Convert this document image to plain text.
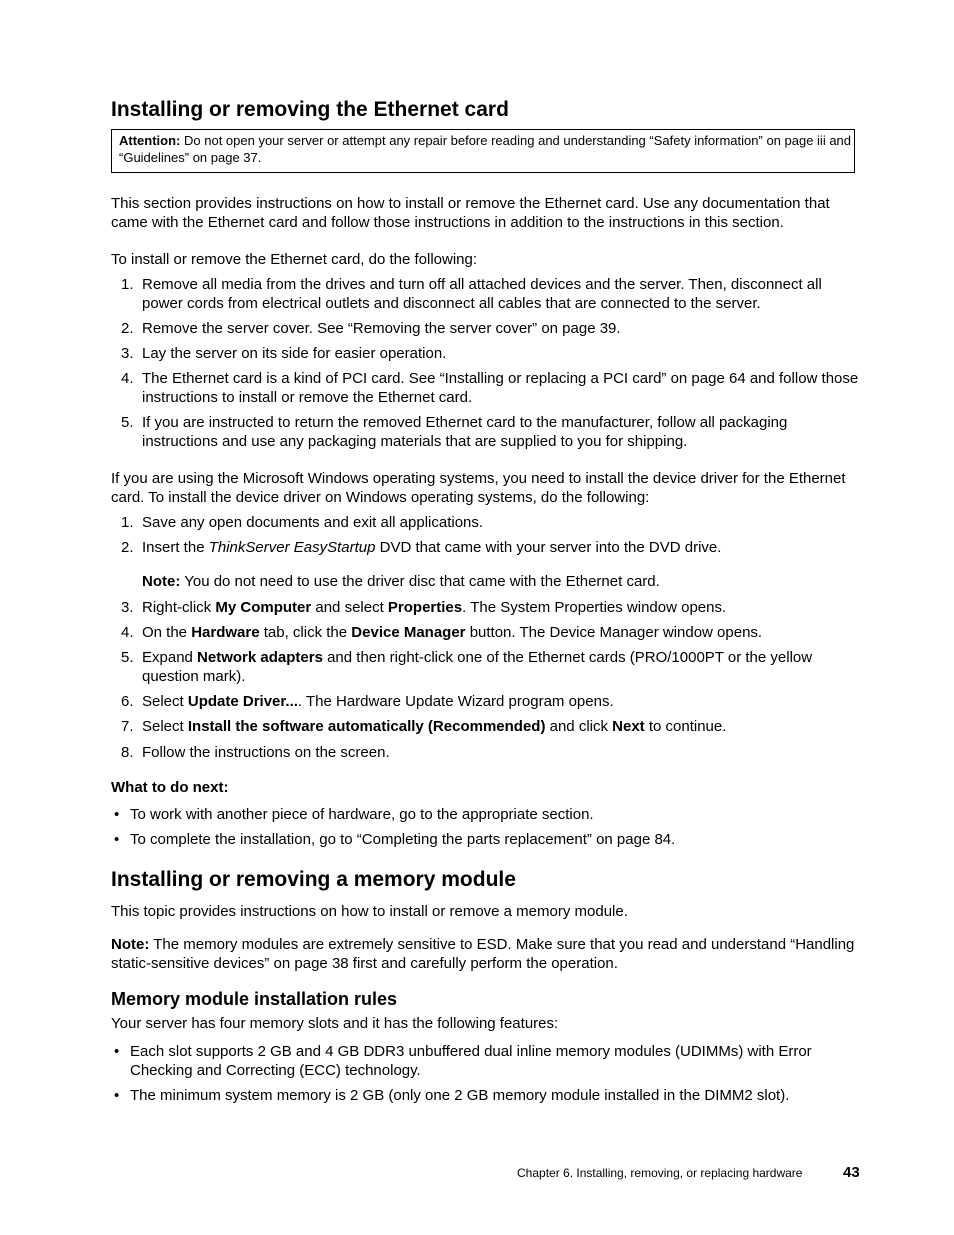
Installing or removing the Ethernet card
Attention: Do not open your server or attempt any repair before reading and understanding “Safety information” on page iii and “Guidelines” on page 37.
This section provides instructions on how to install or remove the Ethernet card. Use any documentation that came with the Ethernet card and follow those instructions in addition to the instructions in this section.
To install or remove the Ethernet card, do the following:
1. Remove all media from the drives and turn off all attached devices and the server. Then, disconnect all power cords from electrical outlets and disconnect all cables that are connected to the server.
2. Remove the server cover. See “Removing the server cover” on page 39.
3. Lay the server on its side for easier operation.
4. The Ethernet card is a kind of PCI card. See “Installing or replacing a PCI card” on page 64 and follow those instructions to install or remove the Ethernet card.
5. If you are instructed to return the removed Ethernet card to the manufacturer, follow all packaging instructions and use any packaging materials that are supplied to you for shipping.
If you are using the Microsoft Windows operating systems, you need to install the device driver for the Ethernet card. To install the device driver on Windows operating systems, do the following:
1. Save any open documents and exit all applications.
2. Insert the ThinkServer EasyStartup DVD that came with your server into the DVD drive.
Note: You do not need to use the driver disc that came with the Ethernet card.
3. Right-click My Computer and select Properties. The System Properties window opens.
4. On the Hardware tab, click the Device Manager button. The Device Manager window opens.
5. Expand Network adapters and then right-click one of the Ethernet cards (PRO/1000PT or the yellow question mark).
6. Select Update Driver.... The Hardware Update Wizard program opens.
7. Select Install the software automatically (Recommended) and click Next to continue.
8. Follow the instructions on the screen.
What to do next:
• To work with another piece of hardware, go to the appropriate section.
• To complete the installation, go to “Completing the parts replacement” on page 84.
Installing or removing a memory module
This topic provides instructions on how to install or remove a memory module.
Note: The memory modules are extremely sensitive to ESD. Make sure that you read and understand “Handling static-sensitive devices” on page 38 first and carefully perform the operation.
Memory module installation rules
Your server has four memory slots and it has the following features:
• Each slot supports 2 GB and 4 GB DDR3 unbuffered dual inline memory modules (UDIMMs) with Error Checking and Correcting (ECC) technology.
• The minimum system memory is 2 GB (only one 2 GB memory module installed in the DIMM2 slot).
Chapter 6. Installing, removing, or replacing hardware	43
